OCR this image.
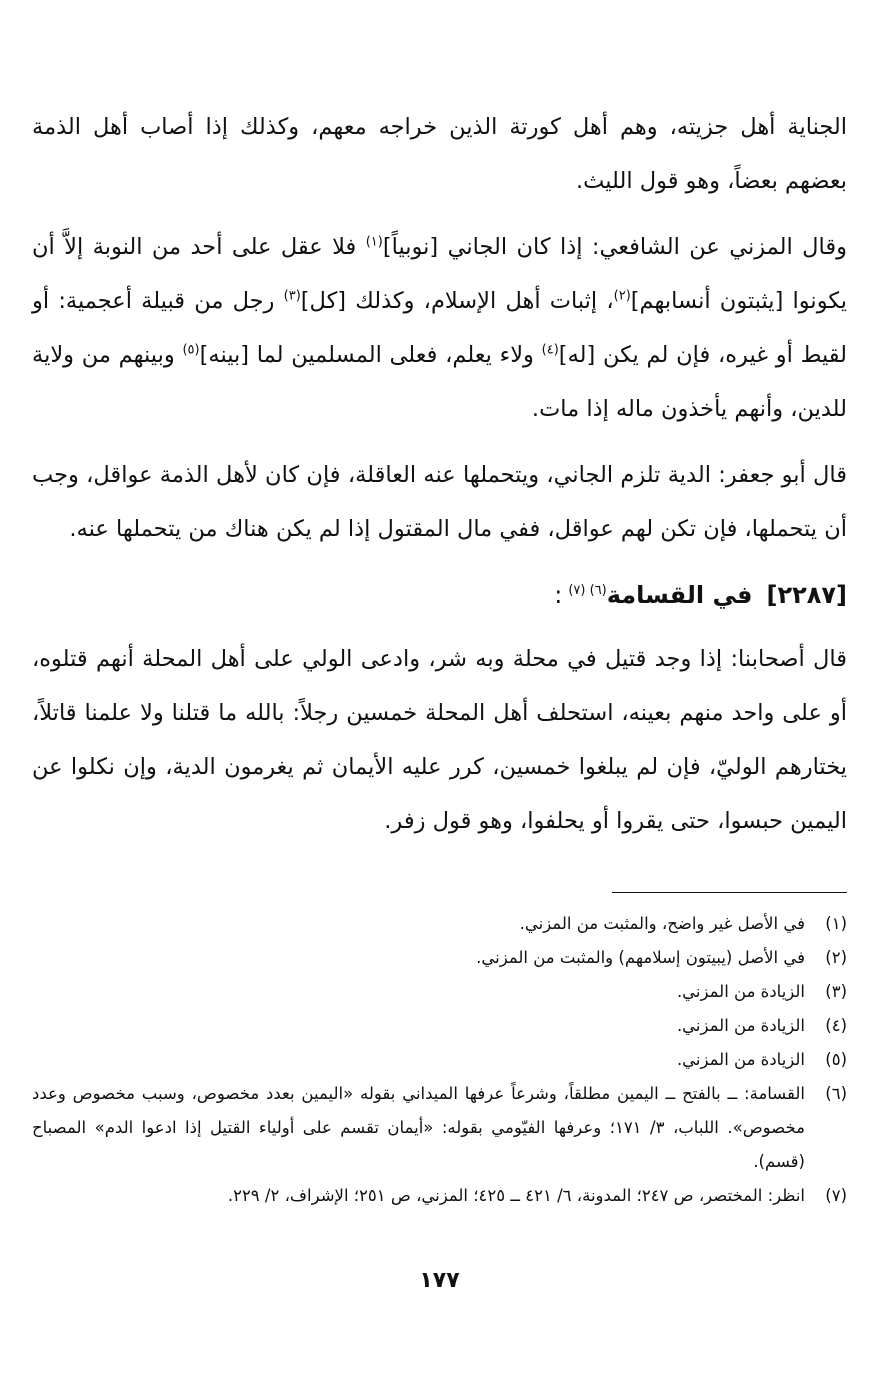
الجناية أهل جزيته، وهم أهل كورتة الذين خراجه معهم، وكذلك إذا أصاب أهل الذمة بعضهم بعضاً، وهو قول الليث.

وقال المزني عن الشافعي: إذا كان الجاني [نوبياً]$^{(١)}$ فلا عقل على أحد من النوبة إلاَّ أن يكونوا [يثبتون أنسابهم]$^{(٢)}$، إثبات أهل الإسلام، وكذلك [كل]$^{(٣)}$ رجل من قبيلة أعجمية: أو لقيط أو غيره، فإن لم يكن [له]$^{(٤)}$ ولاء يعلم، فعلى المسلمين لما [بينه]$^{(٥)}$ وبينهم من ولاية للدين، وأنهم يأخذون ماله إذا مات.

قال أبو جعفر: الدية تلزم الجاني، ويتحملها عنه العاقلة، فإن كان لأهل الذمة عواقل، وجب أن يتحملها، فإن تكن لهم عواقل، ففي مال المقتول إذا لم يكن هناك من يتحملها عنه.

[٢٢٨٧]في القسامة$^{(٦) (٧)}$:

قال أصحابنا: إذا وجد قتيل في محلة وبه شر، وادعى الولي على أهل المحلة أنهم قتلوه، أو على واحد منهم بعينه، استحلف أهل المحلة خمسين رجلاً: بالله ما قتلنا ولا علمنا قاتلاً، يختارهم الوليّ، فإن لم يبلغوا خمسين، كرر عليه الأيمان ثم يغرمون الدية، وإن نكلوا عن اليمين حبسوا، حتى يقروا أو يحلفوا، وهو قول زفر.

(١)
في الأصل غير واضح، والمثبت من المزني.
(٢)
في الأصل (يبيتون إسلامهم) والمثبت من المزني.
(٣)
الزيادة من المزني.
(٤)
الزيادة من المزني.
(٥)
الزيادة من المزني.
(٦)
القسامة: ــ بالفتح ــ اليمين مطلقاً، وشرعاً عرفها الميداني بقوله «اليمين بعدد مخصوص، وسبب مخصوص وعدد مخصوص». اللباب، ٣/ ١٧١؛ وعرفها الفيّومي بقوله: «أيمان تقسم على أولياء القتيل إذا ادعوا الدم» المصباح (قسم).
(٧)
انظر: المختصر، ص ٢٤٧؛ المدونة، ٦/ ٤٢١ ــ ٤٢٥؛ المزني، ص ٢٥١؛ الإشراف، ٢/ ٢٢٩.
١٧٧
